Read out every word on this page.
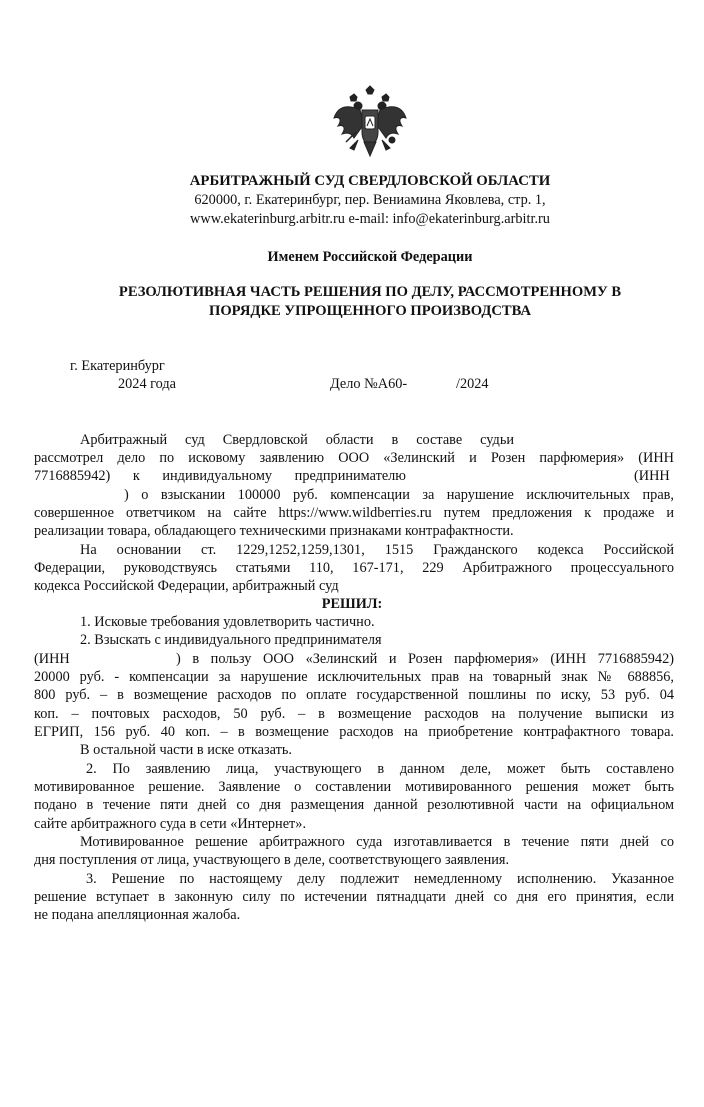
АРБИТРАЖНЫЙ СУД СВЕРДЛОВСКОЙ ОБЛАСТИ
620000, г. Екатеринбург, пер. Вениамина Яковлева, стр. 1,
www.ekaterinburg.arbitr.ru e-mail: info@ekaterinburg.arbitr.ru
Именем Российской Федерации
РЕЗОЛЮТИВНАЯ ЧАСТЬ РЕШЕНИЯ ПО ДЕЛУ, РАССМОТРЕННОМУ В
ПОРЯДКЕ УПРОЩЕННОГО ПРОИЗВОДСТВА
г. Екатеринбург
2024 года	Дело №А60-	/2024
Арбитражный суд Свердловской области в составе судьи
рассмотрел дело по исковому заявлению ООО «Зелинский и Розен парфюмерия» (ИНН
7716885942) к индивидуальному предпринимателю	(ИНН
) о взыскании 100000 руб. компенсации за нарушение исключительных прав,
совершенное ответчиком на сайте https://www.wildberries.ru путем предложения к продаже и
реализации товара, обладающего техническими признаками контрафактности.
На основании ст. 1229,1252,1259,1301, 1515 Гражданского кодекса Российской
Федерации, руководствуясь статьями 110, 167-171, 229 Арбитражного процессуального
кодекса Российской Федерации, арбитражный суд
РЕШИЛ:
1. Исковые требования удовлетворить частично.
2. Взыскать с индивидуального предпринимателя
(ИНН	) в пользу ООО «Зелинский и Розен парфюмерия» (ИНН 7716885942)
20000 руб. - компенсации за нарушение исключительных прав на товарный знак № 688856,
800 руб. – в возмещение расходов по оплате государственной пошлины по иску, 53 руб. 04
коп. – почтовых расходов, 50 руб. – в возмещение расходов на получение выписки из
ЕГРИП, 156 руб. 40 коп. – в возмещение расходов на приобретение контрафактного товара.
В остальной части в иске отказать.
2. По заявлению лица, участвующего в данном деле, может быть составлено
мотивированное решение. Заявление о составлении мотивированного решения может быть
подано в течение пяти дней со дня размещения данной резолютивной части на официальном
сайте арбитражного суда в сети «Интернет».
Мотивированное решение арбитражного суда изготавливается в течение пяти дней со
дня поступления от лица, участвующего в деле, соответствующего заявления.
3. Решение по настоящему делу подлежит немедленному исполнению. Указанное
решение вступает в законную силу по истечении пятнадцати дней со дня его принятия, если
не подана апелляционная жалоба.
